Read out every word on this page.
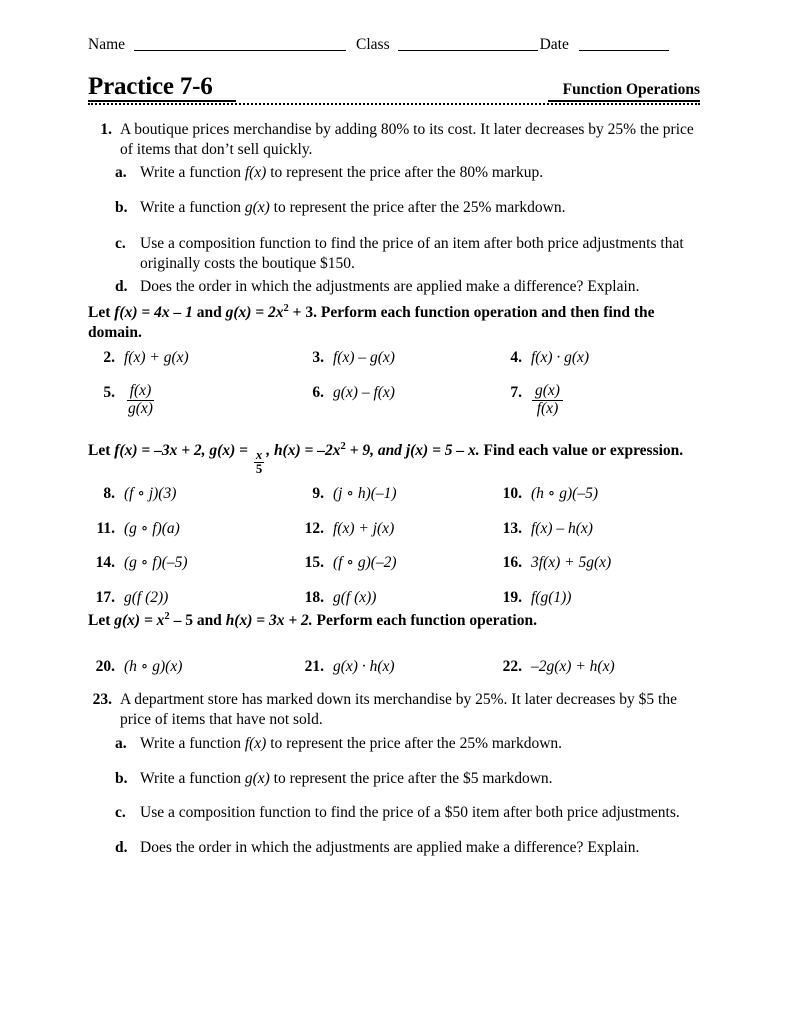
Name	Class	Date
Practice 7-6	Function Operations
1. A boutique prices merchandise by adding 80% to its cost. It later decreases by 25% the price of items that don’t sell quickly.
a. Write a function f(x) to represent the price after the 80% markup.
b. Write a function g(x) to represent the price after the 25% markdown.
c. Use a composition function to find the price of an item after both price adjustments that originally costs the boutique $150.
d. Does the order in which the adjustments are applied make a difference? Explain.
Let f(x) = 4x – 1 and $g(x) = 2x^2 + 3$. Perform each function operation and then find the domain.
2. f(x) + g(x)	3. f(x) – g(x)	4. f(x) · g(x)
5. $\frac{f(x)}{g(x)}$	6. g(x) – f(x)	7. $\frac{g(x)}{f(x)}$
Let f(x) = –3x + 2, $g(x) = \frac{x}{5}$ , $h(x) = -2x^2 + 9$, and j(x) = 5 – x. Find each value or expression.
8. (f ∘ j)(3)	9. (j ∘ h)(–1)	10. (h ∘ g)(–5)
11. (g ∘ f)(a)	12. f(x) + j(x)	13. f(x) – h(x)
14. (g ∘ f)(–5)	15. (f ∘ g)(–2)	16. 3f(x) + 5g(x)
17. g(f (2))	18. g(f (x))	19. f(g(1))
Let $g(x) = x^2 - 5$ and h(x) = 3x + 2. Perform each function operation.
20. (h ∘ g)(x)	21. g(x) · h(x)	22. –2g(x) + h(x)
23. A department store has marked down its merchandise by 25%. It later decreases by $5 the price of items that have not sold.
a. Write a function f(x) to represent the price after the 25% markdown.
b. Write a function g(x) to represent the price after the $5 markdown.
c. Use a composition function to find the price of a $50 item after both price adjustments.
d. Does the order in which the adjustments are applied make a difference? Explain.
